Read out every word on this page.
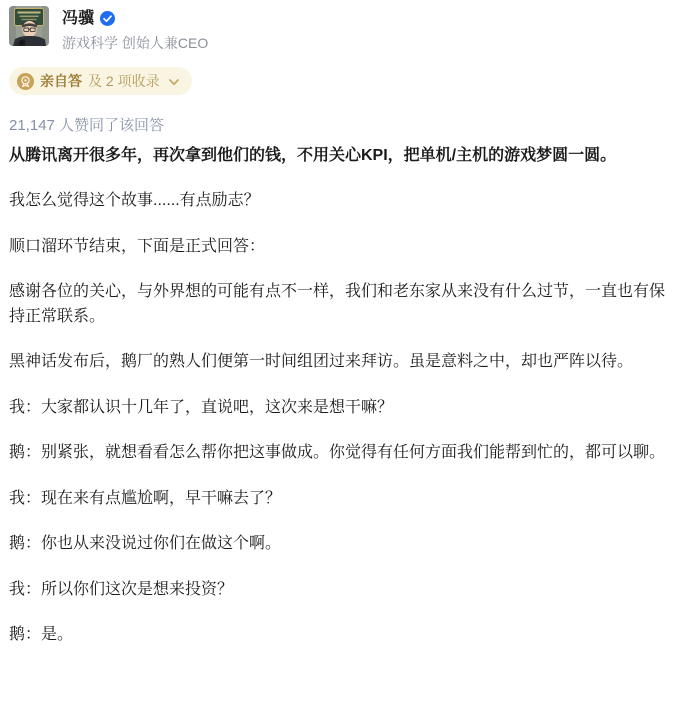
冯骥
游戏科学 创始人兼CEO
亲自答 及 2 项收录
21,147 人赞同了该回答

从腾讯离开很多年，再次拿到他们的钱，不用关心KPI，把单机/主机的游戏梦圆一圆。

我怎么觉得这个故事......有点励志？

顺口溜环节结束，下面是正式回答：

感谢各位的关心，与外界想的可能有点不一样，我们和老东家从来没有什么过节，一直也有保持正常联系。

黑神话发布后，鹅厂的熟人们便第一时间组团过来拜访。虽是意料之中，却也严阵以待。

我：大家都认识十几年了，直说吧，这次来是想干嘛？

鹅：别紧张，就想看看怎么帮你把这事做成。你觉得有任何方面我们能帮到忙的，都可以聊。

我：现在来有点尴尬啊，早干嘛去了？

鹅：你也从来没说过你们在做这个啊。

我：所以你们这次是想来投资？

鹅：是。
